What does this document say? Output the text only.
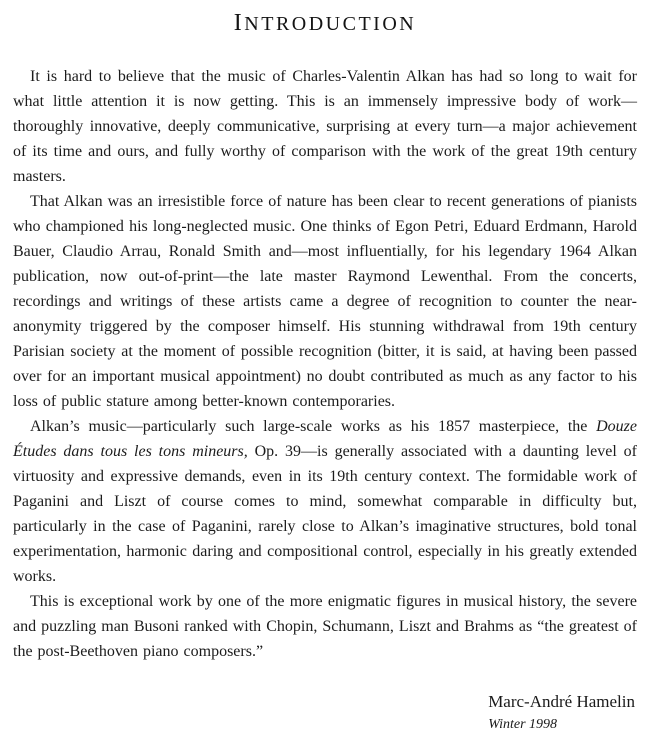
INTRODUCTION

It is hard to believe that the music of Charles-Valentin Alkan has had so long to wait for what little attention it is now getting. This is an immensely impressive body of work—thoroughly innovative, deeply communicative, surprising at every turn—a major achievement of its time and ours, and fully worthy of comparison with the work of the great 19th century masters.

That Alkan was an irresistible force of nature has been clear to recent generations of pianists who championed his long-neglected music. One thinks of Egon Petri, Eduard Erdmann, Harold Bauer, Claudio Arrau, Ronald Smith and—most influentially, for his legendary 1964 Alkan publication, now out-of-print—the late master Raymond Lewenthal. From the concerts, recordings and writings of these artists came a degree of recognition to counter the near-anonymity triggered by the composer himself. His stunning withdrawal from 19th century Parisian society at the moment of possible recognition (bitter, it is said, at having been passed over for an important musical appointment) no doubt contributed as much as any factor to his loss of public stature among better-known contemporaries.

Alkan’s music—particularly such large-scale works as his 1857 masterpiece, the Douze Études dans tous les tons mineurs, Op. 39—is generally associated with a daunting level of virtuosity and expressive demands, even in its 19th century context. The formidable work of Paganini and Liszt of course comes to mind, somewhat comparable in difficulty but, particularly in the case of Paganini, rarely close to Alkan’s imaginative structures, bold tonal experimentation, harmonic daring and compositional control, especially in his greatly extended works.

This is exceptional work by one of the more enigmatic figures in musical history, the severe and puzzling man Busoni ranked with Chopin, Schumann, Liszt and Brahms as “the greatest of the post-Beethoven piano composers.”

Marc-André Hamelin
Winter 1998
